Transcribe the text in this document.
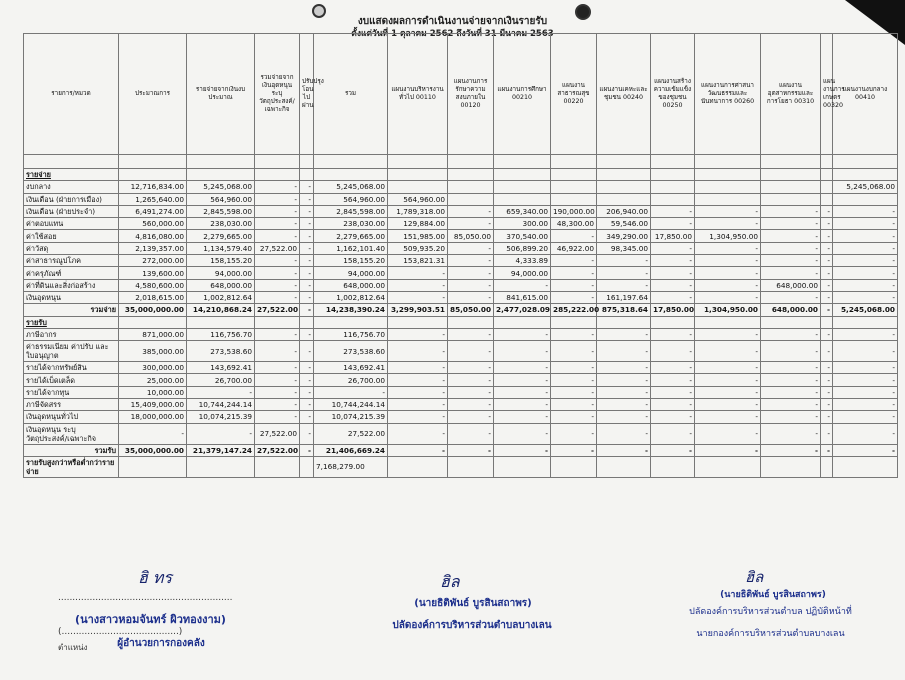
งบแสดงผลการดำเนินงานจ่ายจากเงินรายรับ
ตั้งแต่วันที่ 1 ตุลาคม 2562 ถึงวันที่ 31 มีนาคม 2563
รายการ/หมวด	ประมาณการ	รายจ่ายจากเงินงบประมาณ	รวมจ่ายจากเงินอุดหนุนระบุวัตถุประสงค์/เฉพาะกิจ	ปรับปรุงโอนไปผ่าน	รวม	แผนงานบริหารงานทั่วไป 00110	แผนงานการรักษาความสงบภายใน 00120	แผนงานการศึกษา 00210	แผนงานสาธารณสุข 00220	แผนงานเคหะและชุมชน 00240	แผนงานสร้างความเข้มแข็งของชุมชน 00250	แผนงานการศาสนาวัฒนธรรมและนันทนาการ 00260	แผนงานอุตสาหกรรมและการโยธา 00310	แผนงานการเกษตร 00320	แผนงานงบกลาง 00410

รายจ่าย															
งบกลาง	12,716,834.00	5,245,068.00	-	-	5,245,068.00										5,245,068.00
เงินเดือน (ฝ่ายการเมือง)	1,265,640.00	564,960.00	-	-	564,960.00	564,960.00									
เงินเดือน (ฝ่ายประจำ)	6,491,274.00	2,845,598.00	-	-	2,845,598.00	1,789,318.00	-	659,340.00	190,000.00	206,940.00	-	-	-	-	-
ค่าตอบแทน	560,000.00	238,030.00	-	-	238,030.00	129,884.00	-	300.00	48,300.00	59,546.00	-	-	-	-	-
ค่าใช้สอย	4,816,080.00	2,279,665.00	-	-	2,279,665.00	151,985.00	85,050.00	370,540.00	-	349,290.00	17,850.00	1,304,950.00	-	-	-
ค่าวัสดุ	2,139,357.00	1,134,579.40	27,522.00	-	1,162,101.40	509,935.20	-	506,899.20	46,922.00	98,345.00	-	-	-	-	-
ค่าสาธารณูปโภค	272,000.00	158,155.20	-	-	158,155.20	153,821.31	-	4,333.89	-	-	-	-	-	-	-
ค่าครุภัณฑ์	139,600.00	94,000.00	-	-	94,000.00	-	-	94,000.00	-	-	-	-	-	-	-
ค่าที่ดินและสิ่งก่อสร้าง	4,580,600.00	648,000.00	-	-	648,000.00	-	-	-	-	-	-	-	648,000.00	-	-
เงินอุดหนุน	2,018,615.00	1,002,812.64	-	-	1,002,812.64	-	-	841,615.00	-	161,197.64	-	-	-	-	-
รวมจ่าย	35,000,000.00	14,210,868.24	27,522.00	-	14,238,390.24	3,299,903.51	85,050.00	2,477,028.09	285,222.00	875,318.64	17,850.00	1,304,950.00	648,000.00	-	5,245,068.00
รายรับ															
ภาษีอากร	871,000.00	116,756.70	-	-	116,756.70	-	-	-	-	-	-	-	-	-	-
ค่าธรรมเนียม ค่าปรับ และใบอนุญาต	385,000.00	273,538.60	-	-	273,538.60	-	-	-	-	-	-	-	-	-	-
รายได้จากทรัพย์สิน	300,000.00	143,692.41	-	-	143,692.41	-	-	-	-	-	-	-	-	-	-
รายได้เบ็ดเตล็ด	25,000.00	26,700.00	-	-	26,700.00	-	-	-	-	-	-	-	-	-	-
รายได้จากทุน	10,000.00	-	-	-	-	-	-	-	-	-	-	-	-	-	-
ภาษีจัดสรร	15,409,000.00	10,744,244.14	-	-	10,744,244.14	-	-	-	-	-	-	-	-	-	-
เงินอุดหนุนทั่วไป	18,000,000.00	10,074,215.39	-	-	10,074,215.39	-	-	-	-	-	-	-	-	-	-
เงินอุดหนุน ระบุวัตถุประสงค์/เฉพาะกิจ	-	-	27,522.00	-	27,522.00	-	-	-	-	-	-	-	-	-	-
รวมรับ	35,000,000.00	21,379,147.24	27,522.00	-	21,406,669.24	-	-	-	-	-	-	-	-	-	-
รายรับสูงกว่าหรือต่ำกว่ารายจ่าย					7,168,279.00										
ฮิ ทร
.............................................................
(นางสาวหอมจันทร์ ผิวทองงาม)
(.........................................)
ตำแหน่ง	ผู้อำนวยการกองคลัง
ฮิล
(นายธิติพันธ์ บูรสินสถาพร)
ปลัดองค์การบริหารส่วนตำบลบางเลน
ฮิล
(นายธิติพันธ์ บูรสินสถาพร)
ปลัดองค์การบริหารส่วนตำบล ปฏิบัติหน้าที่
นายกองค์การบริหารส่วนตำบลบางเลน
